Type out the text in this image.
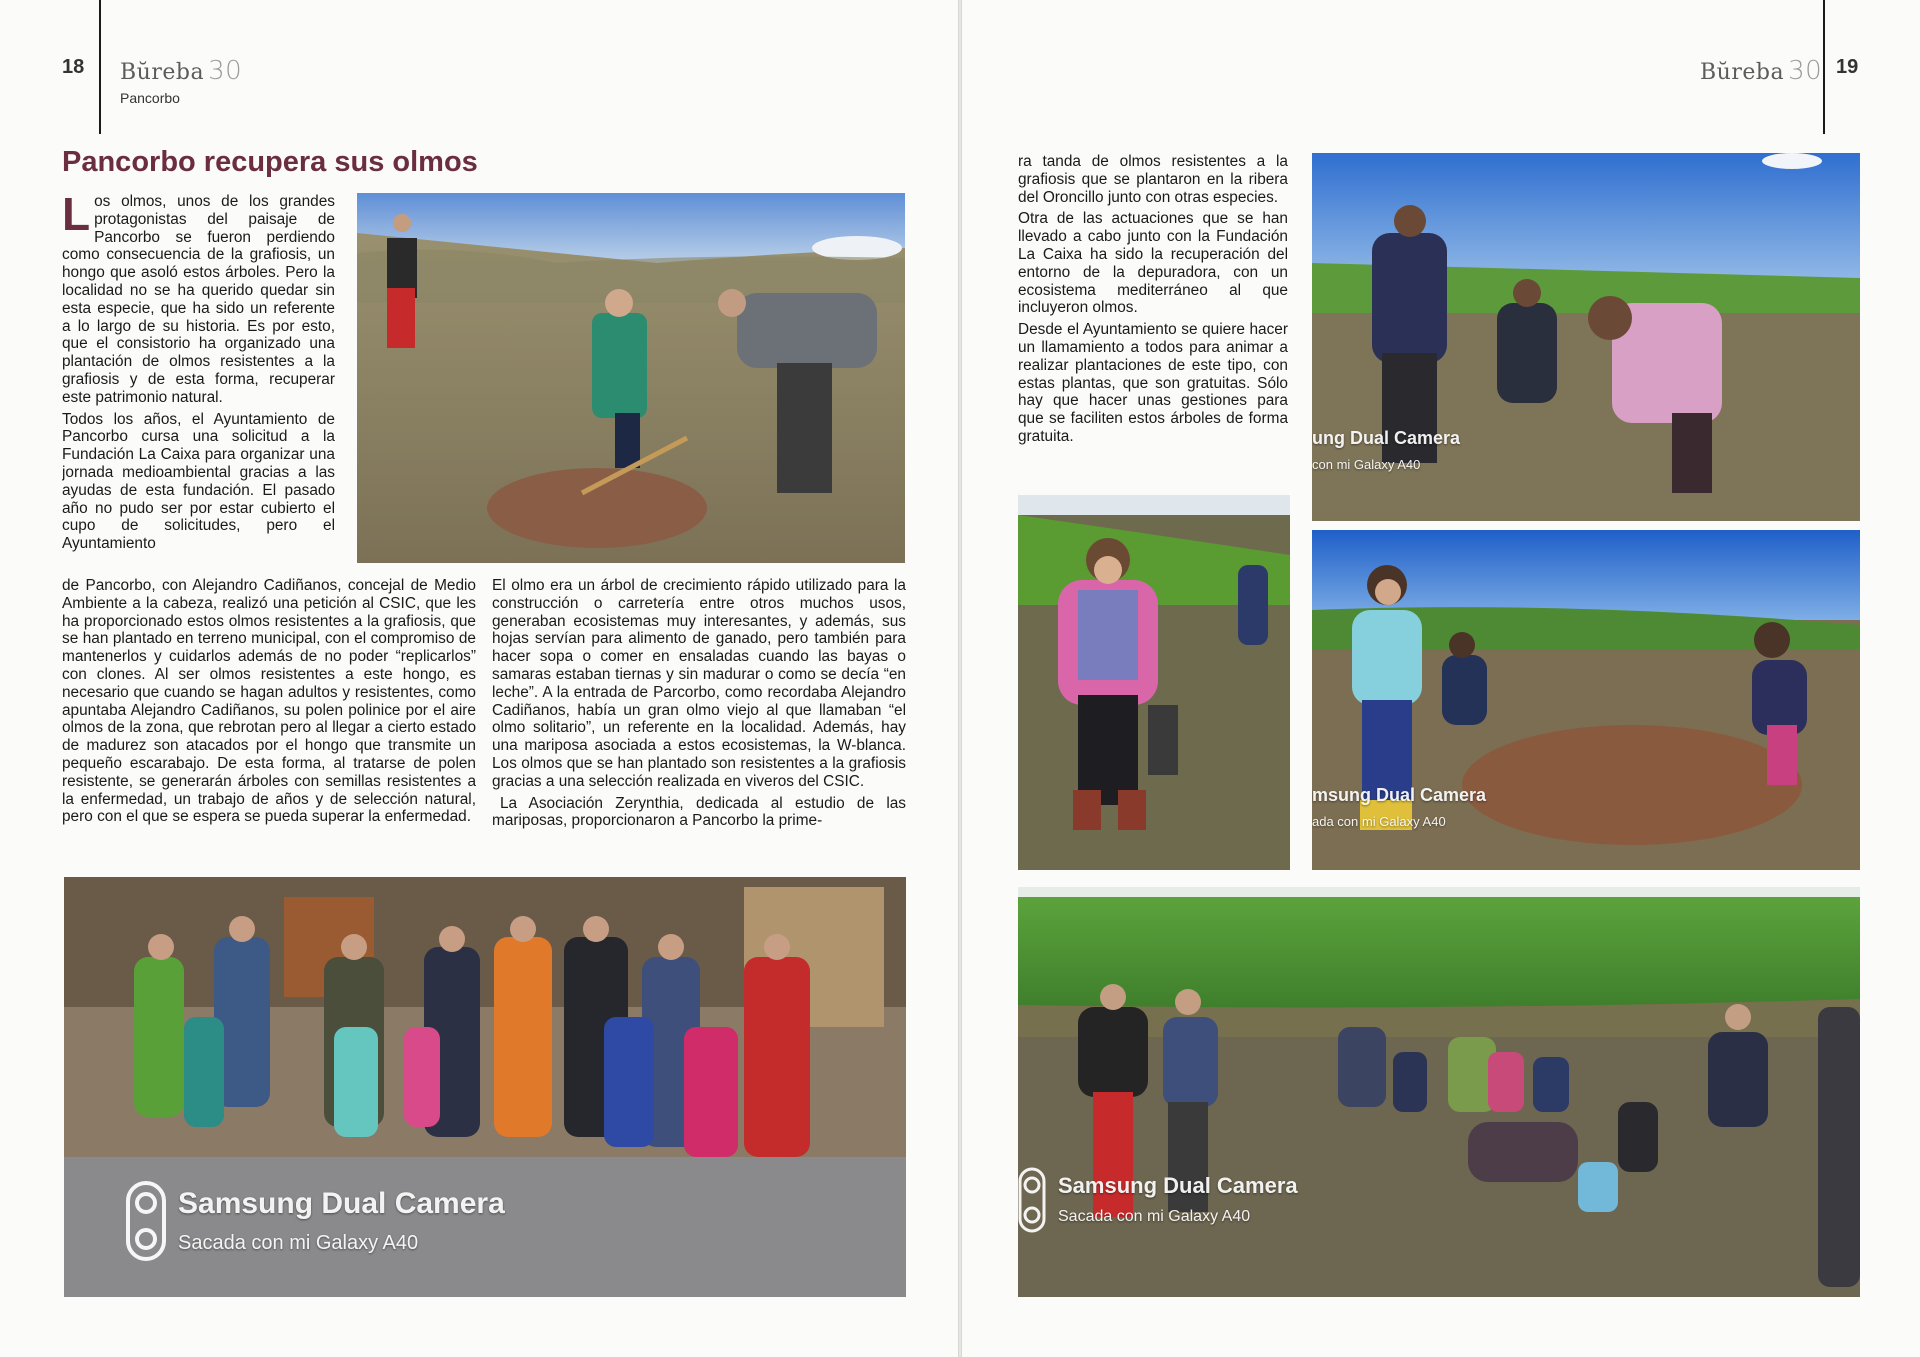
18 Bŭreba 30
Pancorbo
Pancorbo recupera sus olmos

Los olmos, unos de los grandes protagonistas del paisaje de Pancorbo se fueron perdiendo como consecuencia de la grafiosis, un hongo que asoló estos árboles. Pero la localidad no se ha querido quedar sin esta especie, que ha sido un referente a lo largo de su historia. Es por esto, que el consistorio ha organizado una plantación de olmos resistentes a la grafiosis y de esta forma, recuperar este patrimonio natural.

Todos los años, el Ayuntamiento de Pancorbo cursa una solicitud a la Fundación La Caixa para organizar una jornada medioambiental gracias a las ayudas de esta fundación. El pasado año no pudo ser por estar cubierto el cupo de solicitudes, pero el Ayuntamiento

de Pancorbo, con Alejandro Cadiñanos, concejal de Medio Ambiente a la cabeza, realizó una petición al CSIC, que les ha proporcionado estos olmos resistentes a la grafiosis, que se han plantado en terreno municipal, con el compromiso de mantenerlos y cuidarlos además de no poder “replicarlos” con clones. Al ser olmos resistentes a este hongo, es necesario que cuando se hagan adultos y resistentes, como apuntaba Alejandro Cadiñanos, su polen polinice por el aire olmos de la zona, que rebrotan pero al llegar a cierto estado de madurez son atacados por el hongo que transmite un pequeño escarabajo. De esta forma, al tratarse de polen resistente, se generarán árboles con semillas resistentes a la enfermedad, un trabajo de años y de selección natural, pero con el que se espera se pueda superar la enfermedad.

El olmo era un árbol de crecimiento rápido utilizado para la construcción o carretería entre otros muchos usos, generaban ecosistemas muy interesantes, y además, sus hojas servían para alimento de ganado, pero también para hacer sopa o comer en ensaladas cuando las bayas o samaras estaban tiernas y sin madurar o como se decía “en leche”. A la entrada de Parcorbo, como recordaba Alejandro Cadiñanos, había un gran olmo viejo al que llamaban “el olmo solitario”, un referente en la localidad. Además, hay una mariposa asociada a estos ecosistemas, la W-blanca. Los olmos que se han plantado son resistentes a la grafiosis gracias a una selección realizada en viveros del CSIC.

La Asociación Zerynthia, dedicada al estudio de las mariposas, proporcionaron a Pancorbo la prime-

Samsung Dual Camera
Sacada con mi Galaxy A40
Bŭreba 30 19

ra tanda de olmos resistentes a la grafiosis que se plantaron en la ribera del Oroncillo junto con otras especies.

Otra de las actuaciones que se han llevado a cabo junto con la Fundación La Caixa ha sido la recuperación del entorno de la depuradora, con un ecosistema mediterráneo al que incluyeron olmos.

Desde el Ayuntamiento se quiere hacer un llamamiento a todos para animar a realizar plantaciones de este tipo, con estas plantas, que son gratuitas. Sólo hay que hacer unas gestiones para que se faciliten estos árboles de forma gratuita.	ung Dual Camera
con mi Galaxy A40
msung Dual Camera
ada con mi Galaxy A40
Samsung Dual Camera
Sacada con mi Galaxy A40
